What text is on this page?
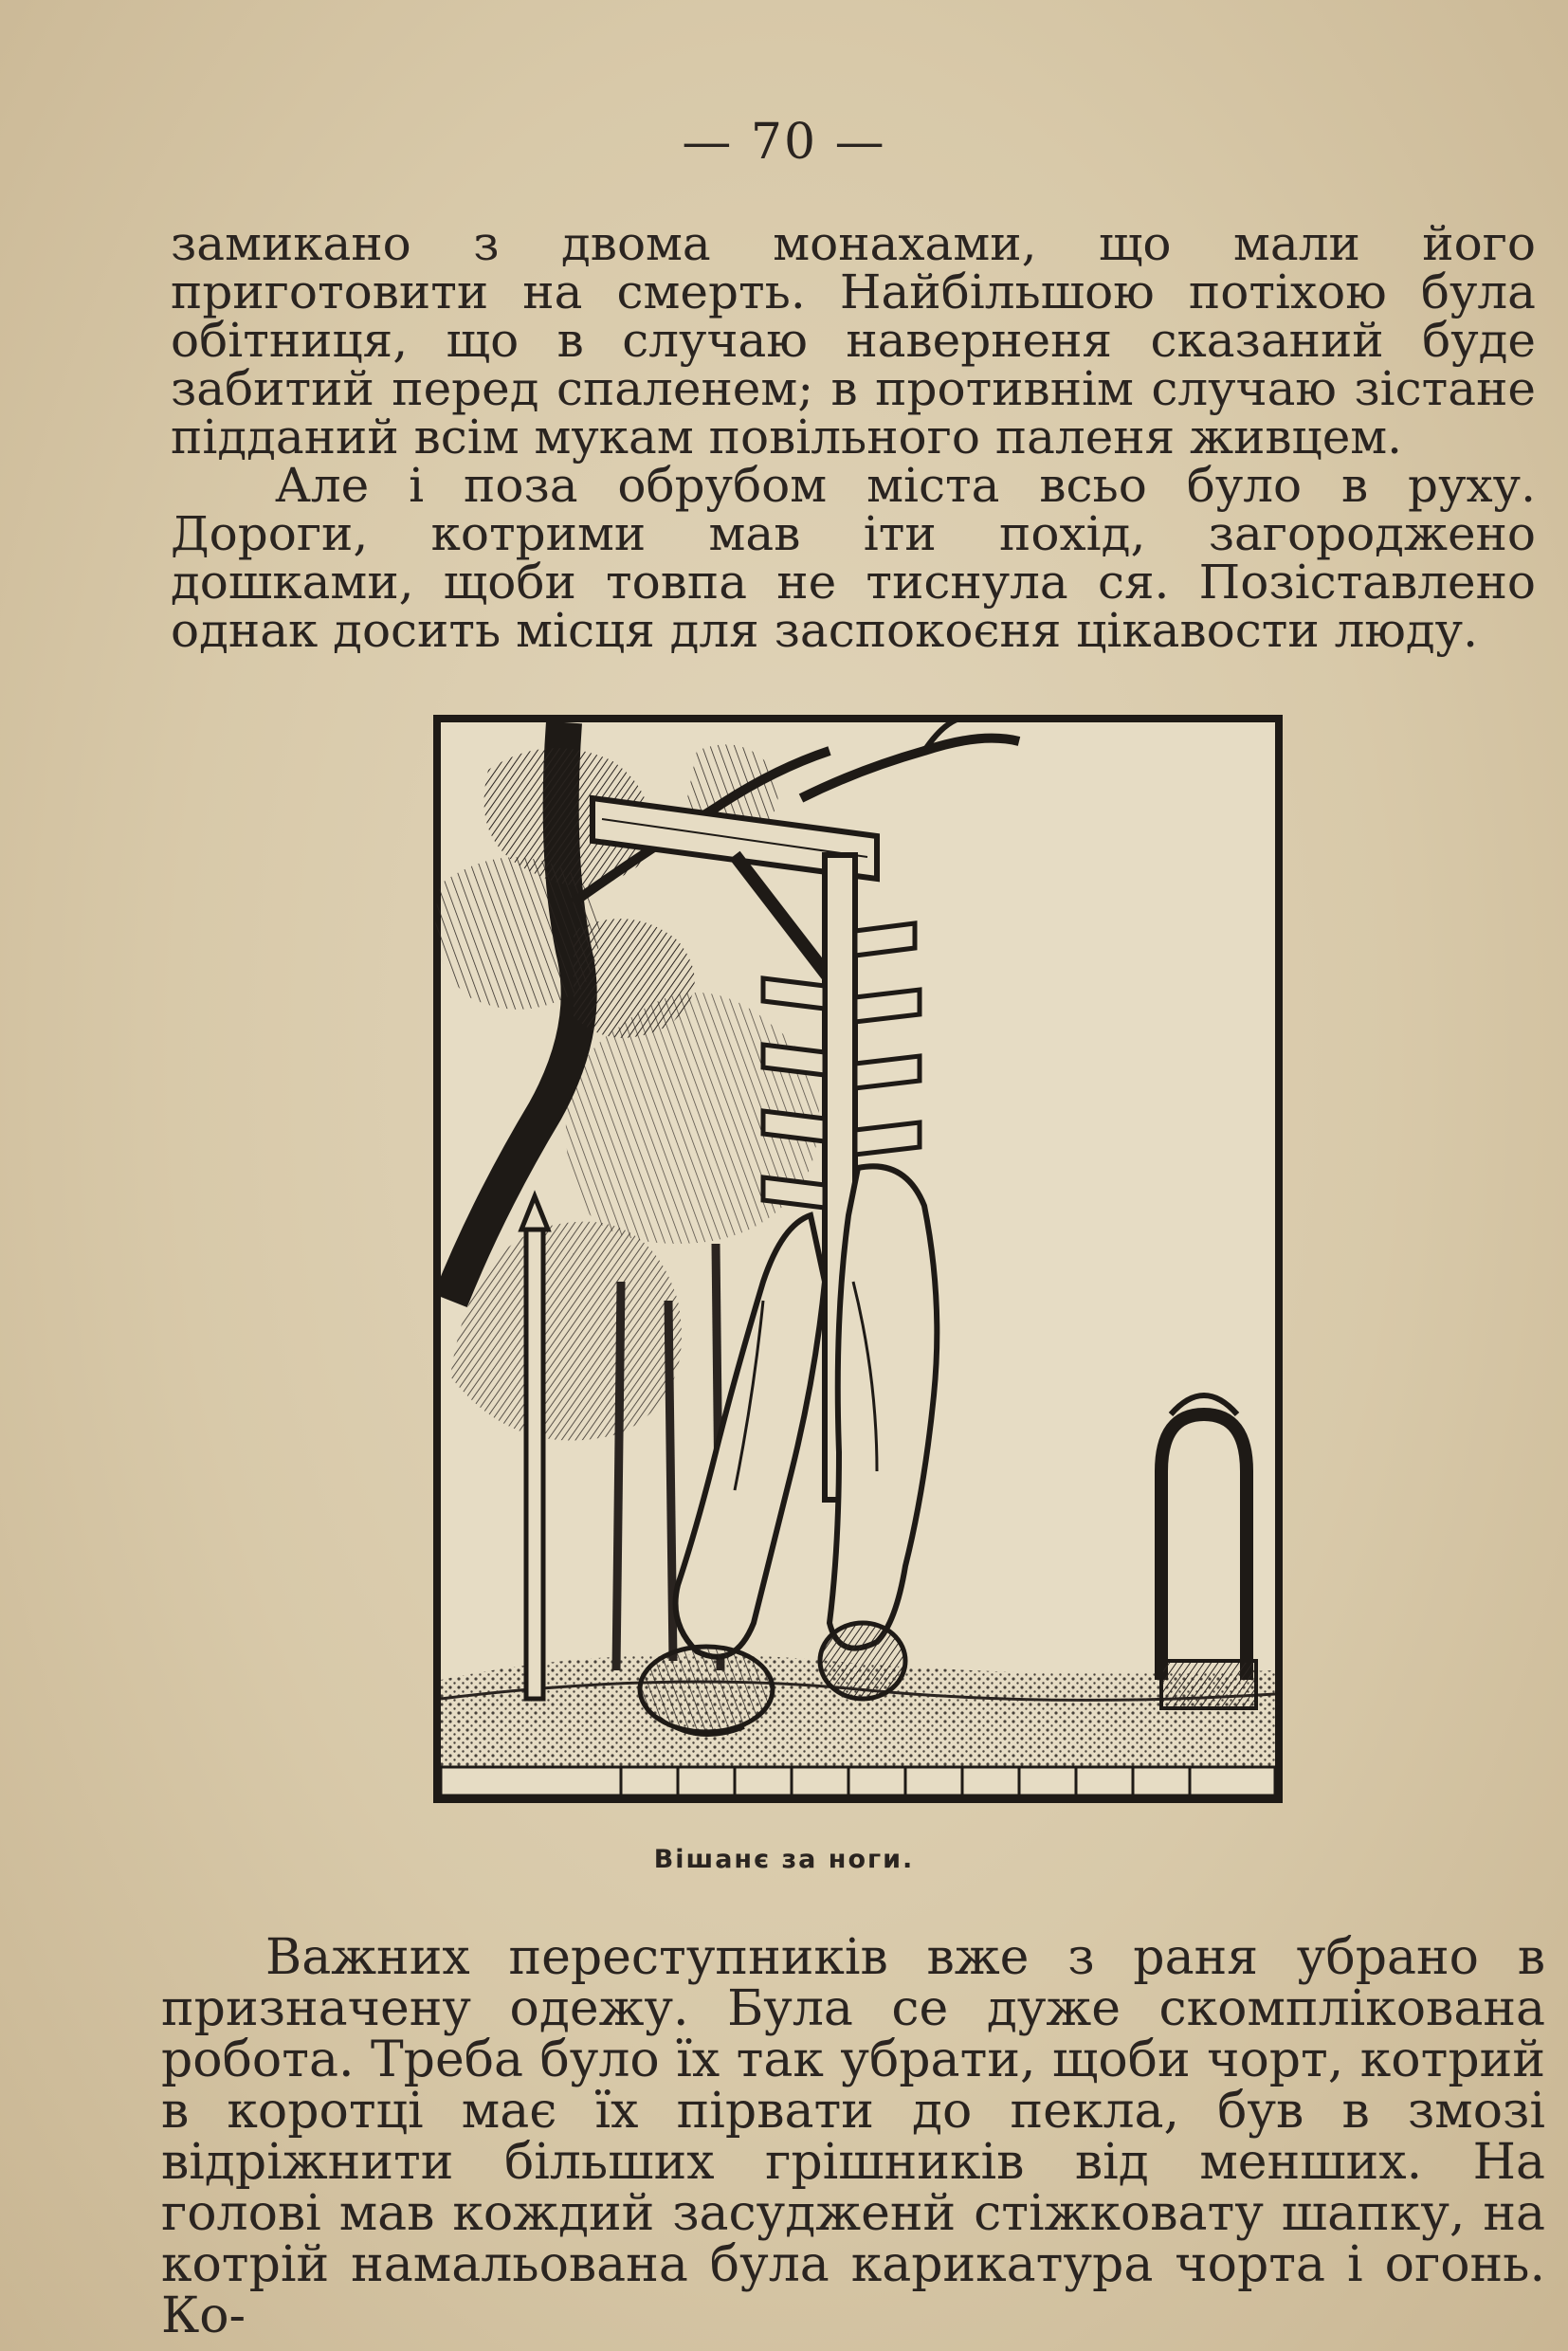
— 70 —

замикано з двома монахами, що мали його приготовити на смерть. Найбільшою потіхою була обітниця, що в случаю наверненя сказаний буде забитий перед спаленем; в противнім случаю зістане підданий всім мукам повільного паленя живцем.

Але і поза обрубом міста всьо було в руху. Дороги, котрими мав іти похід, загороджено дошками, щоби товпа не тиснула ся. Позіставлено однак досить місця для заспокоєня цікавости люду.

Вішанє за ноги.

Важних переступників вже з раня убрано в призначену одежу. Була се дуже скомплікована робота. Треба було їх так убрати, щоби чорт, котрий в коротці має їх пірвати до пекла, був в змозі відріжнити більших грішників від менших. На голові мав кождий засудженй стіжковату шапку, на котрій намальована була карикатура чорта і огонь. Ко-
